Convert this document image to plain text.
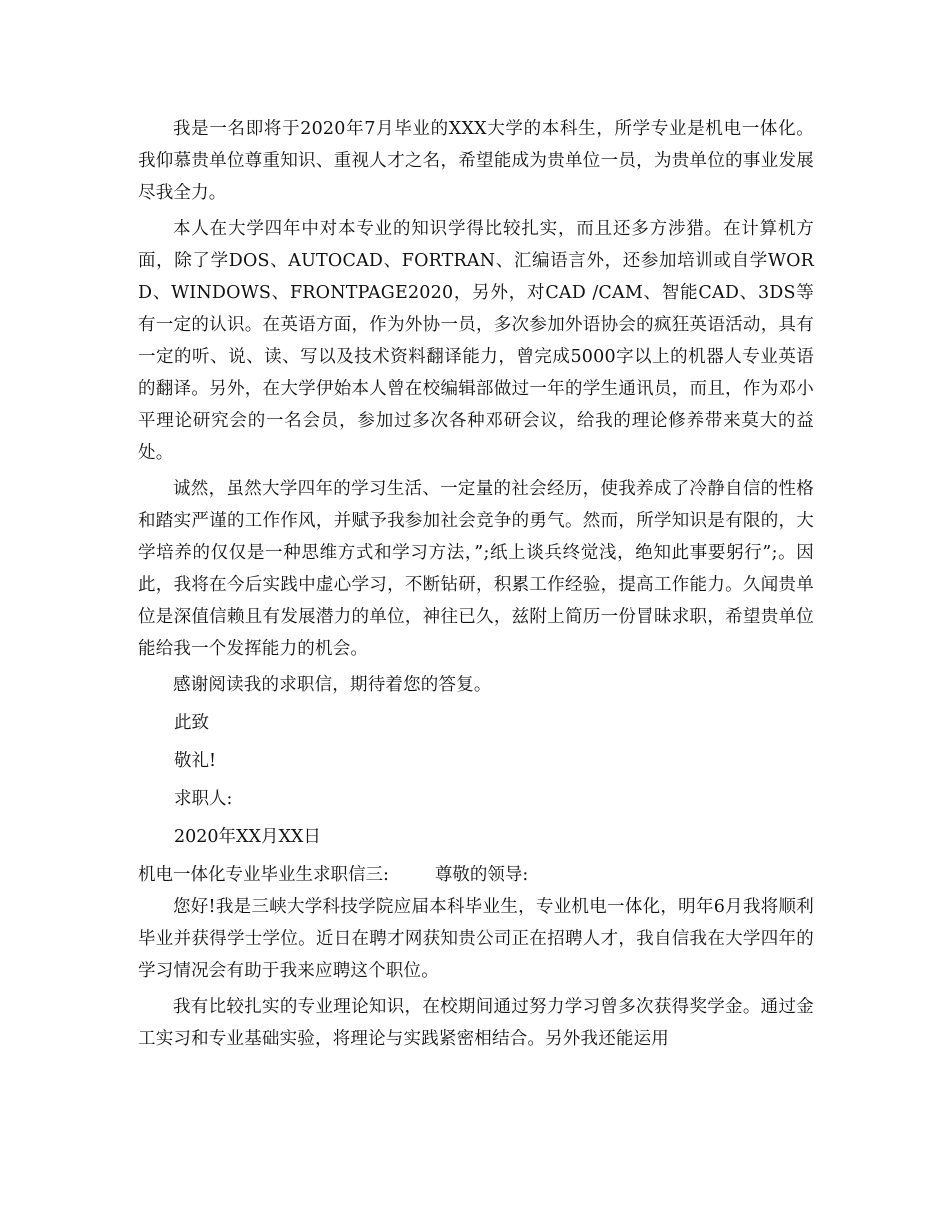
我是一名即将于2020年7月毕业的XXX大学的本科生，所学专业是机电一体化。我仰慕贵单位尊重知识、重视人才之名，希望能成为贵单位一员，为贵单位的事业发展尽我全力。

本人在大学四年中对本专业的知识学得比较扎实，而且还多方涉猎。在计算机方面，除了学DOS、AUTOCAD、FORTRAN、汇编语言外，还参加培训或自学WORD、WINDOWS、FRONTPAGE2020，另外，对CAD /CAM、智能CAD、3DS等有一定的认识。在英语方面，作为外协一员，多次参加外语协会的疯狂英语活动，具有一定的听、说、读、写以及技术资料翻译能力，曾完成5000字以上的机器人专业英语的翻译。另外，在大学伊始本人曾在校编辑部做过一年的学生通讯员，而且，作为邓小平理论研究会的一名会员，参加过多次各种邓研会议，给我的理论修养带来莫大的益处。

诚然，虽然大学四年的学习生活、一定量的社会经历，使我养成了冷静自信的性格和踏实严谨的工作作风，并赋予我参加社会竞争的勇气。然而，所学知识是有限的，大学培养的仅仅是一种思维方式和学习方法，”;纸上谈兵终觉浅，绝知此事要躬行”;。因此，我将在今后实践中虚心学习，不断钻研，积累工作经验，提高工作能力。久闻贵单位是深值信赖且有发展潜力的单位，神往已久，兹附上简历一份冒昧求职，希望贵单位能给我一个发挥能力的机会。

感谢阅读我的求职信，期待着您的答复。

此致
敬礼!
求职人:
2020年XX月XX日
机电一体化专业毕业生求职信三:	尊敬的领导:

您好!我是三峡大学科技学院应届本科毕业生，专业机电一体化，明年6月我将顺利毕业并获得学士学位。近日在聘才网获知贵公司正在招聘人才，我自信我在大学四年的学习情况会有助于我来应聘这个职位。

我有比较扎实的专业理论知识，在校期间通过努力学习曾多次获得奖学金。通过金工实习和专业基础实验，将理论与实践紧密相结合。另外我还能运用
